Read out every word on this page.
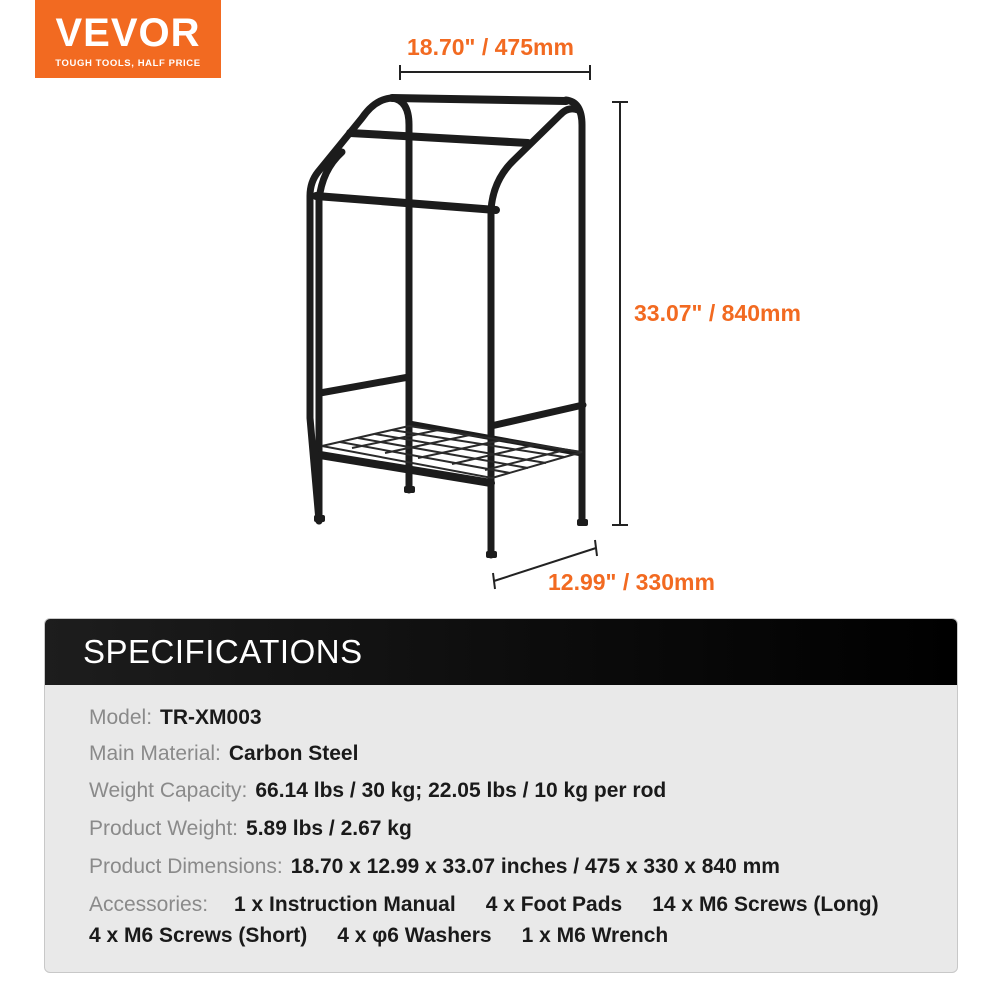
VEVOR
TOUGH TOOLS, HALF PRICE
18.70" / 475mm
33.07" / 840mm
12.99" / 330mm
SPECIFICATIONS
Model: TR-XM003
Main Material: Carbon Steel
Weight Capacity: 66.14 lbs / 30 kg; 22.05 lbs / 10 kg per rod
Product Weight: 5.89 lbs / 2.67 kg
Product Dimensions: 18.70 x 12.99 x 33.07 inches / 475 x 330 x 840 mm
Accessories: 1 x Instruction Manual 4 x Foot Pads 14 x M6 Screws (Long)
4 x M6 Screws (Short) 4 x φ6 Washers 1 x M6 Wrench
